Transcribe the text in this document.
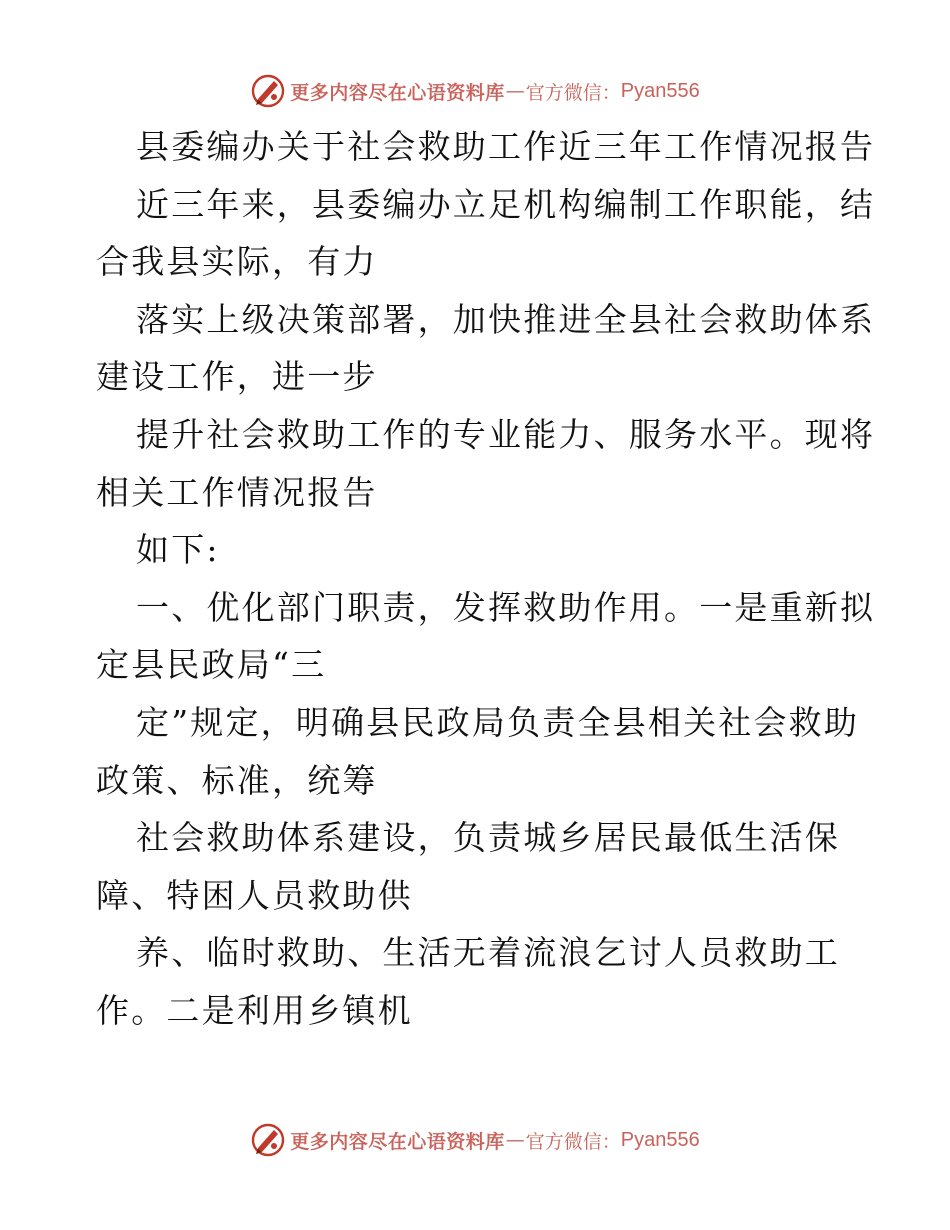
更多内容尽在心语资料库 — 官方微信： Pyan556
县委编办关于社会救助工作近三年工作情况报告
近三年来，县委编办立足机构编制工作职能，结
合我县实际，有力
落实上级决策部署，加快推进全县社会救助体系
建设工作，进一步
提升社会救助工作的专业能力、服务水平。现将
相关工作情况报告
如下:
一、优化部门职责，发挥救助作用。一是重新拟
定县民政局“三
定”规定，明确县民政局负责全县相关社会救助
政策、标准，统筹
社会救助体系建设，负责城乡居民最低生活保
障、特困人员救助供
养、临时救助、生活无着流浪乞讨人员救助工
作。二是利用乡镇机
更多内容尽在心语资料库 — 官方微信： Pyan556
